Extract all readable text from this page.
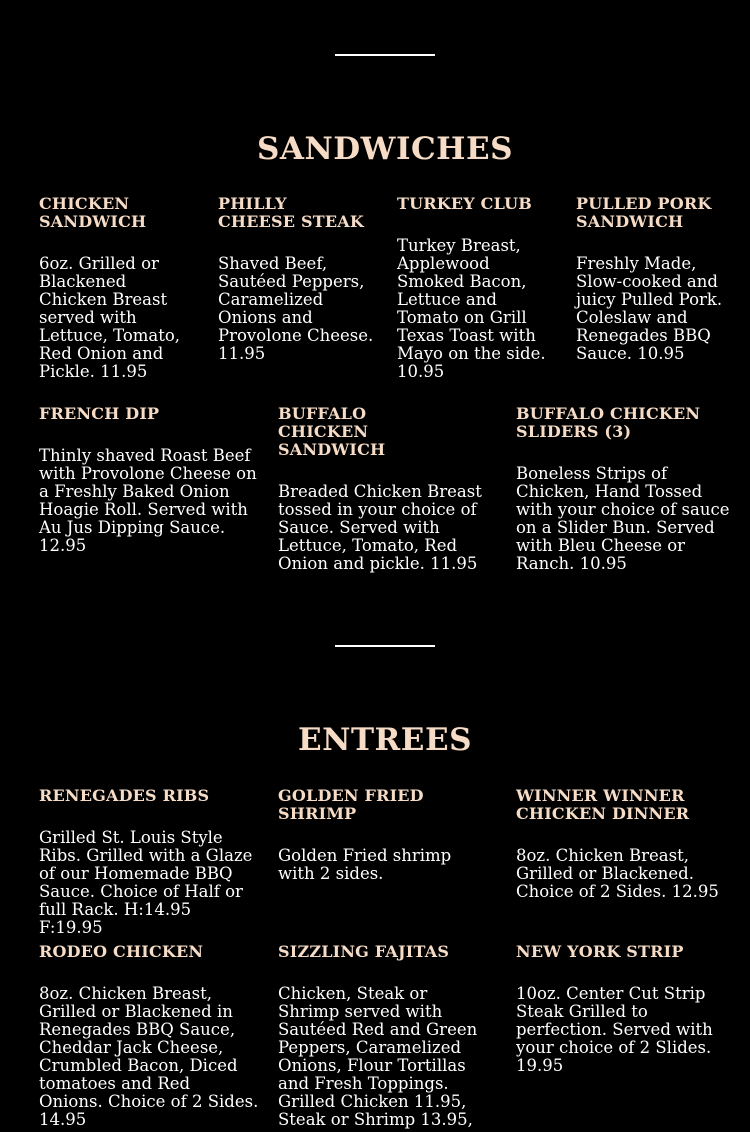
SANDWICHES

CHICKEN SANDWICH

6oz. Grilled or Blackened Chicken Breast served with Lettuce, Tomato, Red Onion and Pickle. 11.95

PHILLY CHEESE STEAK

Shaved Beef, Sautéed Peppers, Caramelized Onions and Provolone Cheese. 11.95

TURKEY CLUB

Turkey Breast, Applewood Smoked Bacon, Lettuce and Tomato on Grill Texas Toast with Mayo on the side. 10.95

PULLED PORK SANDWICH

Freshly Made, Slow-cooked and juicy Pulled Pork. Coleslaw and Renegades BBQ Sauce. 10.95

FRENCH DIP

Thinly shaved Roast Beef with Provolone Cheese on a Freshly Baked Onion Hoagie Roll. Served with Au Jus Dipping Sauce. 12.95

BUFFALO CHICKEN SANDWICH

Breaded Chicken Breast tossed in your choice of Sauce. Served with Lettuce, Tomato, Red Onion and pickle. 11.95

BUFFALO CHICKEN SLIDERS (3)

Boneless Strips of Chicken, Hand Tossed with your choice of sauce on a Slider Bun. Served with Bleu Cheese or Ranch. 10.95

ENTREES

RENEGADES RIBS

Grilled St. Louis Style Ribs. Grilled with a Glaze of our Homemade BBQ Sauce. Choice of Half or full Rack. H:14.95 F:19.95

GOLDEN FRIED SHRIMP

Golden Fried shrimp with 2 sides.

WINNER WINNER CHICKEN DINNER

8oz. Chicken Breast, Grilled or Blackened. Choice of 2 Sides. 12.95

RODEO CHICKEN

8oz. Chicken Breast, Grilled or Blackened in Renegades BBQ Sauce, Cheddar Jack Cheese, Crumbled Bacon, Diced tomatoes and Red Onions. Choice of 2 Sides. 14.95

SIZZLING FAJITAS

Chicken, Steak or Shrimp served with Sautéed Red and Green Peppers, Caramelized Onions, Flour Tortillas and Fresh Toppings. Grilled Chicken 11.95, Steak or Shrimp 13.95,

NEW YORK STRIP

10oz. Center Cut Strip Steak Grilled to perfection. Served with your choice of 2 Slides. 19.95
